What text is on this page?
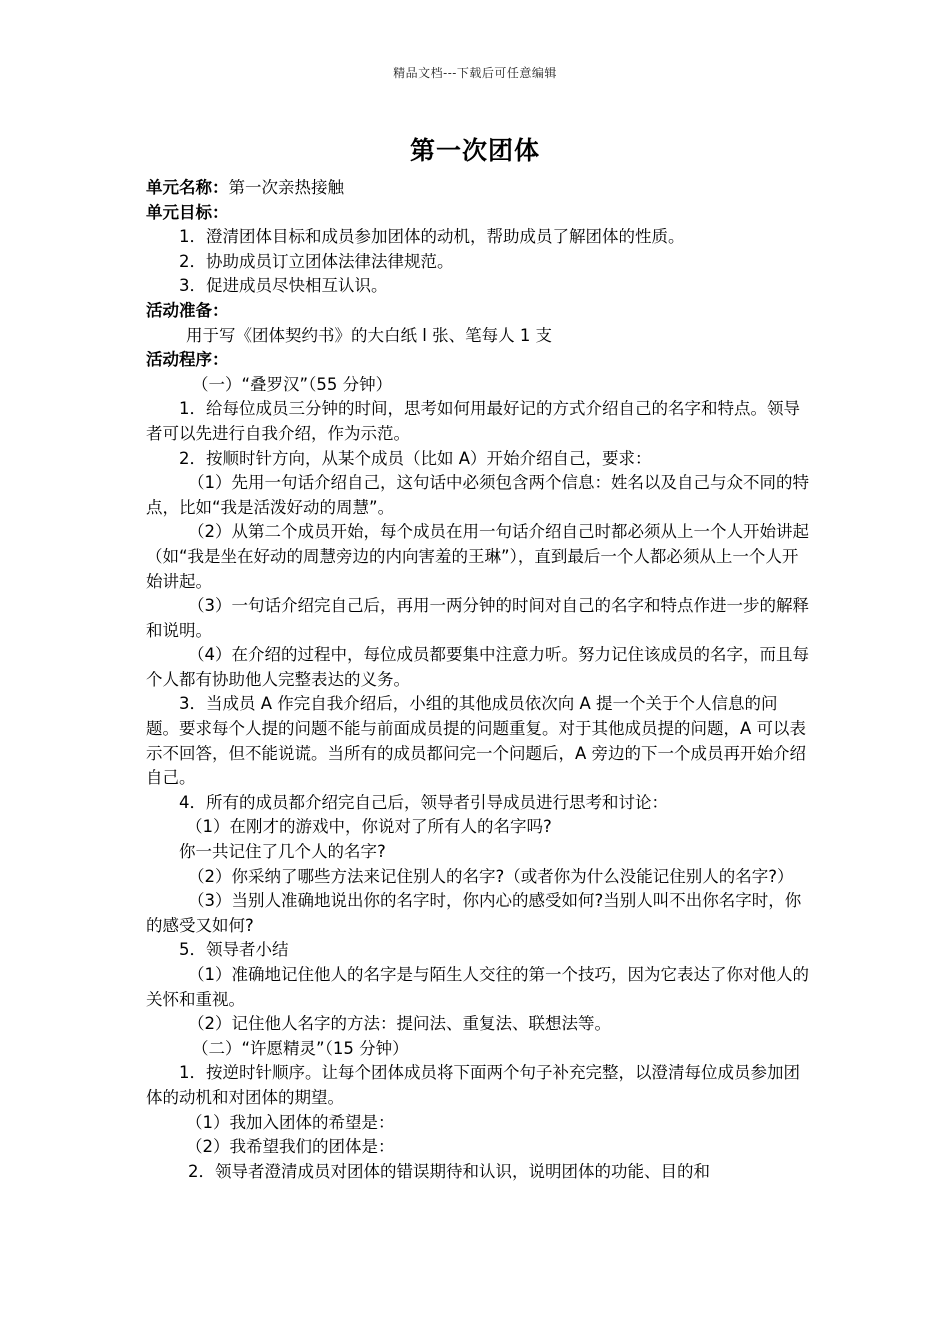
精品文档---下载后可任意编辑
第一次团体

单元名称：第一次亲热接触

单元目标：

1．澄清团体目标和成员参加团体的动机，帮助成员了解团体的性质。

2．协助成员订立团体法律法律规范。

3．促进成员尽快相互认识。

活动准备：

用于写《团体契约书》的大白纸 l 张、笔每人 1 支

活动程序：

（一）“叠罗汉”（55 分钟）

1．给每位成员三分钟的时间，思考如何用最好记的方式介绍自己的名字和特点。领导者可以先进行自我介绍，作为示范。

2．按顺时针方向，从某个成员（比如 A）开始介绍自己，要求：

（1）先用一句话介绍自己，这句话中必须包含两个信息：姓名以及自己与众不同的特点，比如“我是活泼好动的周慧”。

（2）从第二个成员开始，每个成员在用一句话介绍自己时都必须从上一个人开始讲起（如“我是坐在好动的周慧旁边的内向害羞的王琳”），直到最后一个人都必须从上一个人开始讲起。

（3）一句话介绍完自己后，再用一两分钟的时间对自己的名字和特点作进一步的解释和说明。

（4）在介绍的过程中，每位成员都要集中注意力听。努力记住该成员的名字，而且每个人都有协助他人完整表达的义务。

3．当成员 A 作完自我介绍后，小组的其他成员依次向 A 提一个关于个人信息的问题。要求每个人提的问题不能与前面成员提的问题重复。对于其他成员提的问题，A 可以表示不回答，但不能说谎。当所有的成员都问完一个问题后，A 旁边的下一个成员再开始介绍自己。

4．所有的成员都介绍完自己后，领导者引导成员进行思考和讨论：

（1）在刚才的游戏中，你说对了所有人的名字吗?

你一共记住了几个人的名字?

（2）你采纳了哪些方法来记住别人的名字?（或者你为什么没能记住别人的名字?）

（3）当别人准确地说出你的名字时，你内心的感受如何?当别人叫不出你名字时，你的感受又如何?

5．领导者小结

（1）准确地记住他人的名字是与陌生人交往的第一个技巧，因为它表达了你对他人的关怀和重视。

（2）记住他人名字的方法：提问法、重复法、联想法等。

（二）“许愿精灵”（15 分钟）

1．按逆时针顺序。让每个团体成员将下面两个句子补充完整，以澄清每位成员参加团体的动机和对团体的期望。

（1）我加入团体的希望是：

（2）我希望我们的团体是：

2．领导者澄清成员对团体的错误期待和认识，说明团体的功能、目的和
